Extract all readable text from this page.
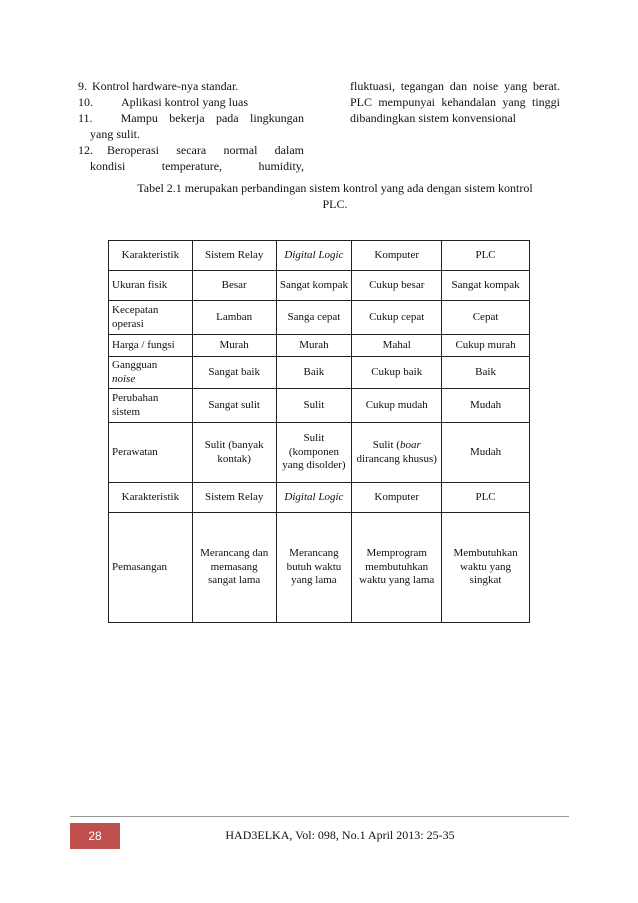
9. Kontrol hardware-nya standar.
10.	Aplikasi kontrol yang luas
11.	Mampu bekerja pada lingkungan
yang sulit.
12. Beroperasi secara normal dalam
kondisi	temperature,	humidity,
fluktuasi, tegangan dan noise yang berat. PLC mempunyai kehandalan yang tinggi dibandingkan sistem konvensional
Tabel 2.1 merupakan perbandingan sistem kontrol yang ada dengan sistem kontrol
PLC.
Karakteristik	Sistem Relay	Digital Logic	Komputer	PLC
Ukuran fisik	Besar	Sangat kompak	Cukup besar	Sangat kompak
Kecepatan operasi	Lamban	Sanga cepat	Cukup cepat	Cepat
Harga / fungsi	Murah	Murah	Mahal	Cukup murah
Gangguan
noise	Sangat baik	Baik	Cukup baik	Baik
Perubahan sistem	Sangat sulit	Sulit	Cukup mudah	Mudah
Perawatan	Sulit (banyak kontak)	Sulit (komponen yang disolder)	Sulit (boar dirancang khusus)	Mudah
Karakteristik	Sistem Relay	Digital Logic	Komputer	PLC
Pemasangan	Merancang dan memasang sangat lama	Merancang butuh waktu yang lama	Memprogram membutuhkan waktu yang lama	Membutuhkan waktu yang singkat
28	HAD3ELKA, Vol: 098, No.1 April 2013: 25-35
